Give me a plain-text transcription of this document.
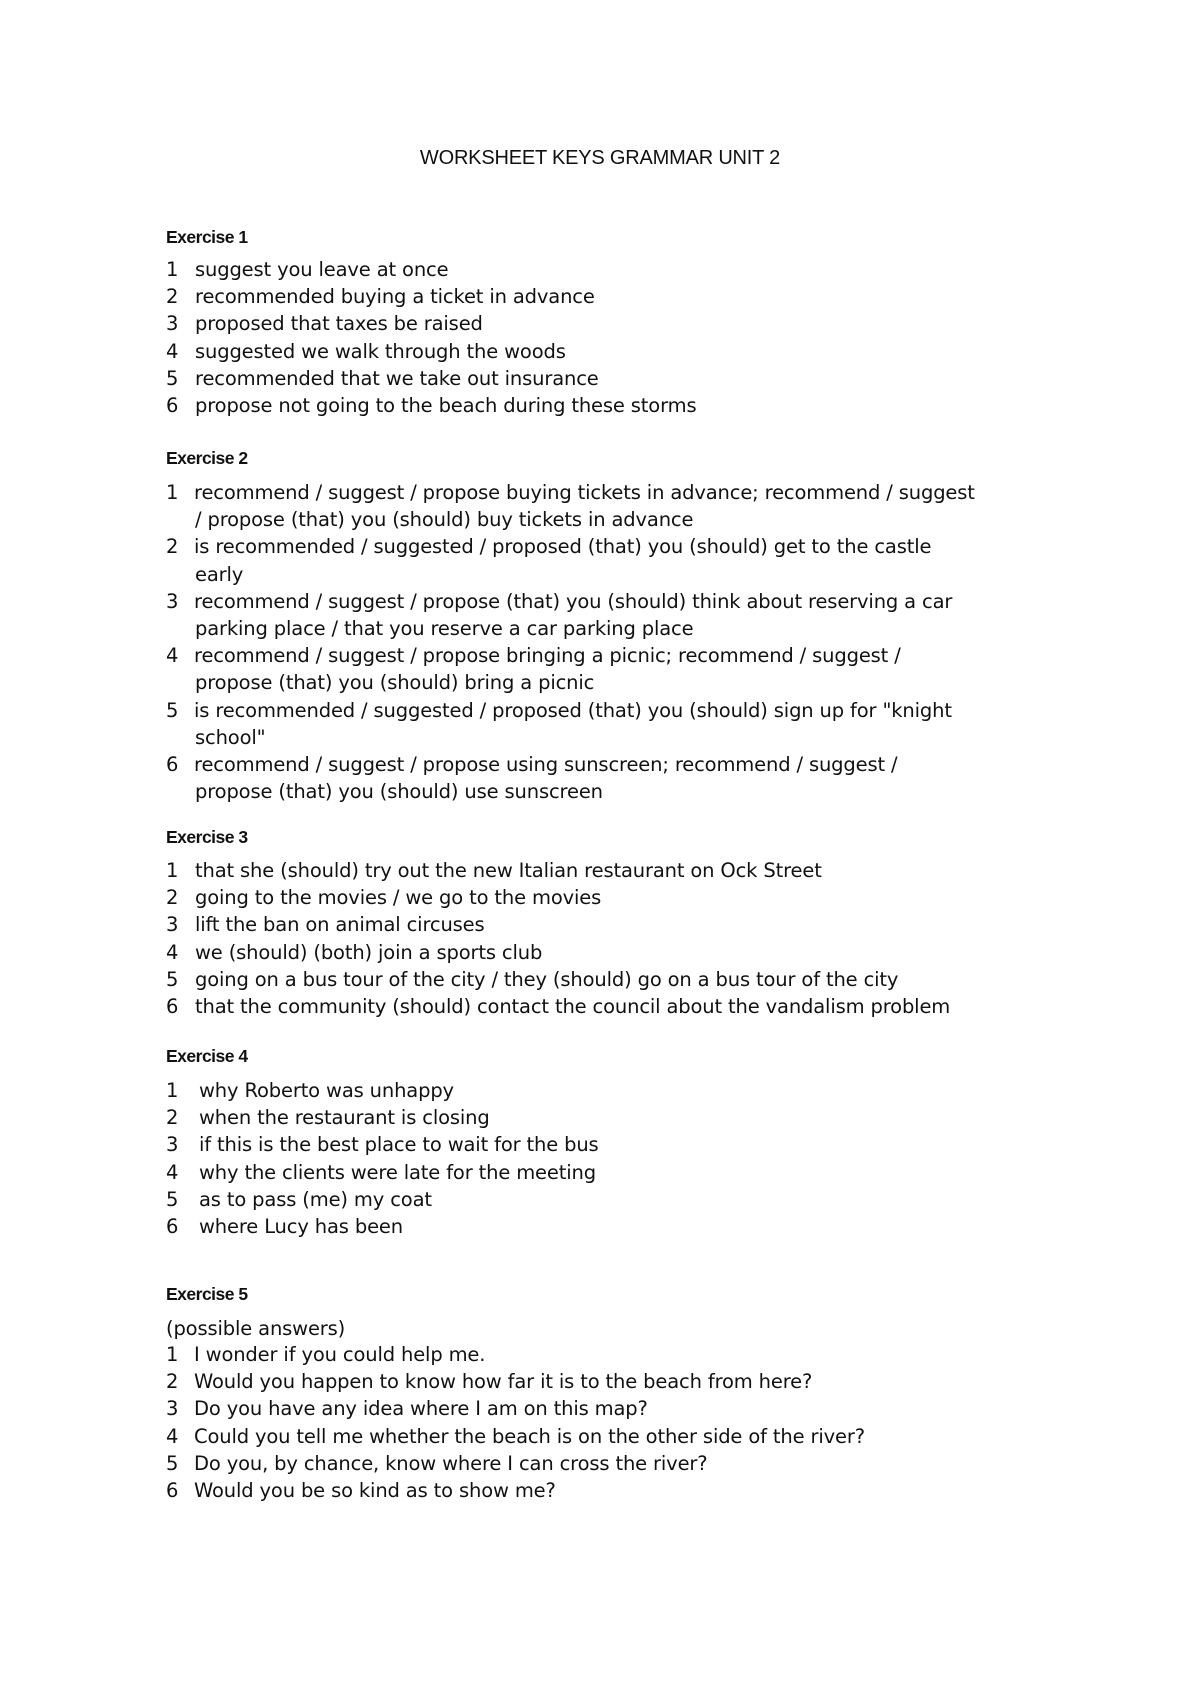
WORKSHEET KEYS GRAMMAR UNIT 2
Exercise 1
1 suggest you leave at once
2 recommended buying a ticket in advance
3 proposed that taxes be raised
4 suggested we walk through the woods
5 recommended that we take out insurance
6 propose not going to the beach during these storms
Exercise 2
1 recommend / suggest / propose buying tickets in advance; recommend / suggest
/ propose (that) you (should) buy tickets in advance
2 is recommended / suggested / proposed (that) you (should) get to the castle
early
3 recommend / suggest / propose (that) you (should) think about reserving a car
parking place / that you reserve a car parking place
4 recommend / suggest / propose bringing a picnic; recommend / suggest /
propose (that) you (should) bring a picnic
5 is recommended / suggested / proposed (that) you (should) sign up for "knight
school"
6 recommend / suggest / propose using sunscreen; recommend / suggest /
propose (that) you (should) use sunscreen
Exercise 3
1 that she (should) try out the new Italian restaurant on Ock Street
2 going to the movies / we go to the movies
3 lift the ban on animal circuses
4 we (should) (both) join a sports club
5 going on a bus tour of the city / they (should) go on a bus tour of the city
6 that the community (should) contact the council about the vandalism problem
Exercise 4
1 why Roberto was unhappy
2 when the restaurant is closing
3 if this is the best place to wait for the bus
4 why the clients were late for the meeting
5 as to pass (me) my coat
6 where Lucy has been
Exercise 5
(possible answers)
1 I wonder if you could help me.
2 Would you happen to know how far it is to the beach from here?
3 Do you have any idea where I am on this map?
4 Could you tell me whether the beach is on the other side of the river?
5 Do you, by chance, know where I can cross the river?
6 Would you be so kind as to show me?
